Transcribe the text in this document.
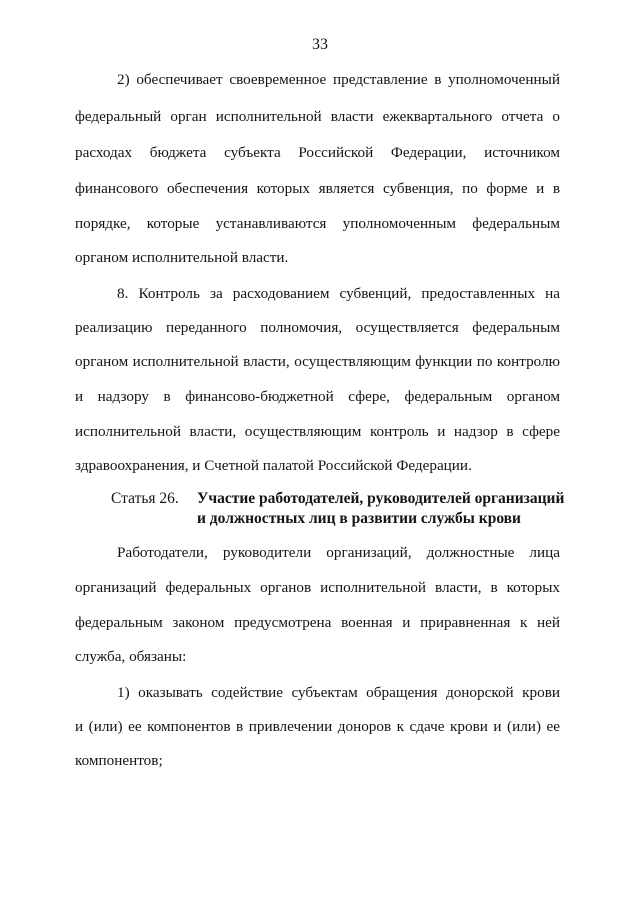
33
2) обеспечивает своевременное представление в уполномоченный
федеральный орган исполнительной власти ежеквартального отчета о
расходах бюджета субъекта Российской Федерации, источником
финансового обеспечения которых является субвенция, по форме и в
порядке, которые устанавливаются уполномоченным федеральным
органом исполнительной власти.
8. Контроль за расходованием субвенций, предоставленных на
реализацию переданного полномочия, осуществляется федеральным
органом исполнительной власти, осуществляющим функции по контролю
и надзору в финансово-бюджетной сфере, федеральным органом
исполнительной власти, осуществляющим контроль и надзор в сфере
здравоохранения, и Счетной палатой Российской Федерации.
Статья 26. Участие работодателей, руководителей организаций
и должностных лиц в развитии службы крови
Работодатели, руководители организаций, должностные лица
организаций федеральных органов исполнительной власти, в которых
федеральным законом предусмотрена военная и приравненная к ней
служба, обязаны:
1) оказывать содействие субъектам обращения донорской крови
и (или) ее компонентов в привлечении доноров к сдаче крови и (или) ее
компонентов;
